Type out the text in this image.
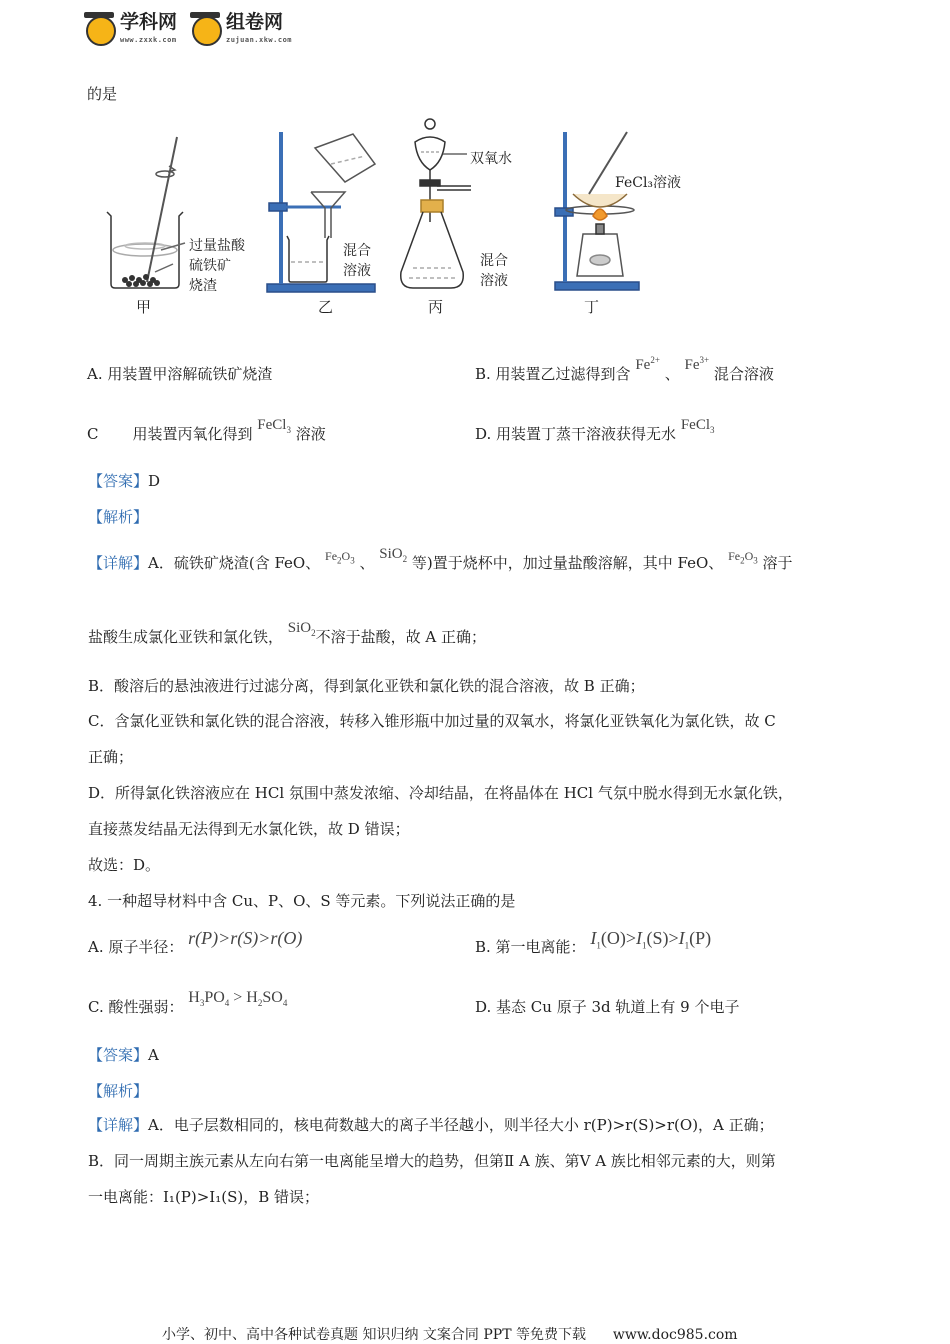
学科网
www.zxxk.com
组卷网
zujuan.xkw.com
的是
过量盐酸
硫铁矿
烧渣
混合
溶液
双氧水
混合
溶液
FeCl₃溶液
甲	乙	丙	丁
A. 用装置甲溶解硫铁矿烧渣	B. 用装置乙过滤得到含 $Fe^{2+}$ 、 $Fe^{3+}$ 混合溶液
C 用装置丙氧化得到 FeCl$_3$ 溶液	D. 用装置丁蒸干溶液获得无水 FeCl$_3$
【答案】D
【解析】
【详解】A．硫铁矿烧渣(含 FeO、 $^{Fe_2O_3}$ 、 SiO$_2$ 等)置于烧杯中，加过量盐酸溶解，其中 FeO、 $^{Fe_2O_3}$ 溶于
盐酸生成氯化亚铁和氯化铁， SiO$_2$不溶于盐酸，故 A 正确；
B．酸溶后的悬浊液进行过滤分离，得到氯化亚铁和氯化铁的混合溶液，故 B 正确；
C．含氯化亚铁和氯化铁的混合溶液，转移入锥形瓶中加过量的双氧水，将氯化亚铁氧化为氯化铁，故 C
正确；
D．所得氯化铁溶液应在 HCl 氛围中蒸发浓缩、冷却结晶，在将晶体在 HCl 气氛中脱水得到无水氯化铁，
直接蒸发结晶无法得到无水氯化铁，故 D 错误；
故选：D。
4. 一种超导材料中含 Cu、P、O、S 等元素。下列说法正确的是
A. 原子半径： r(P)>r(S)>r(O)	B. 第一电离能： $I_1(O)>I_1(S)>I_1(P)$
C. 酸性强弱： $H_3PO_4 > H_2SO_4$	D. 基态 Cu 原子 3d 轨道上有 9 个电子
【答案】A
【解析】
【详解】A．电子层数相同的，核电荷数越大的离子半径越小，则半径大小 r(P)>r(S)>r(O)，A 正确；
B．同一周期主族元素从左向右第一电离能呈增大的趋势，但第Ⅱ A 族、第Ⅴ A 族比相邻元素的大，则第
一电离能：I₁(P)>I₁(S)，B 错误；
小学、初中、高中各种试卷真题 知识归纳 文案合同 PPT 等免费下载 www.doc985.com
